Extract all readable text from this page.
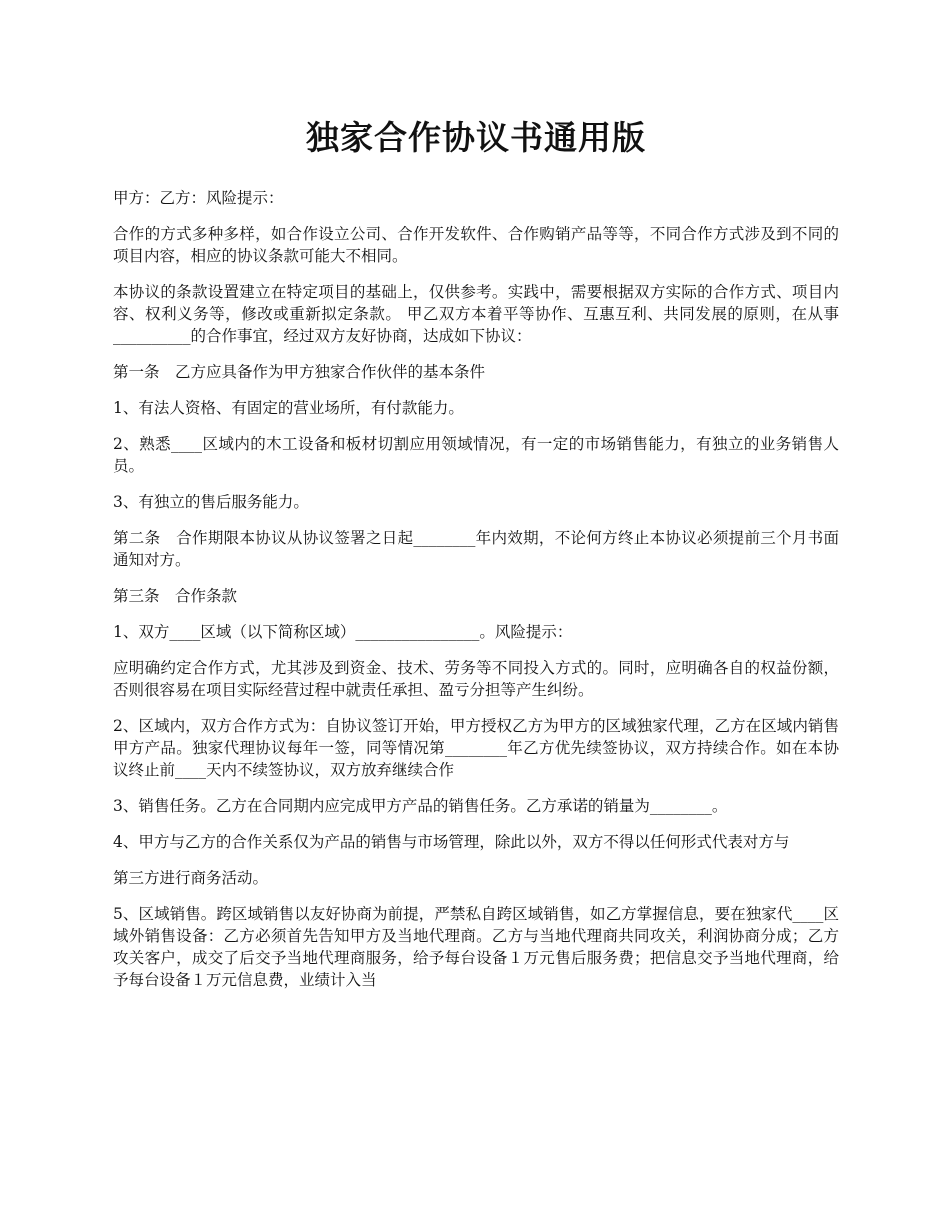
独家合作协议书通用版

甲方：乙方：风险提示：

合作的方式多种多样，如合作设立公司、合作开发软件、合作购销产品等等，不同合作方式涉及到不同的项目内容，相应的协议条款可能大不相同。

本协议的条款设置建立在特定项目的基础上，仅供参考。实践中，需要根据双方实际的合作方式、项目内容、权利义务等，修改或重新拟定条款。 甲乙双方本着平等协作、互惠互利、共同发展的原则，在从事__________的合作事宜，经过双方友好协商，达成如下协议：

第一条　乙方应具备作为甲方独家合作伙伴的基本条件

1、有法人资格、有固定的营业场所，有付款能力。

2、熟悉____区域内的木工设备和板材切割应用领域情况，有一定的市场销售能力，有独立的业务销售人员。

3、有独立的售后服务能力。

第二条　合作期限本协议从协议签署之日起________年内效期，不论何方终止本协议必须提前三个月书面通知对方。

第三条　合作条款

1、双方____区域（以下简称区域）________________。风险提示：

应明确约定合作方式，尤其涉及到资金、技术、劳务等不同投入方式的。同时，应明确各自的权益份额，否则很容易在项目实际经营过程中就责任承担、盈亏分担等产生纠纷。

2、区域内，双方合作方式为：自协议签订开始，甲方授权乙方为甲方的区域独家代理，乙方在区域内销售甲方产品。独家代理协议每年一签，同等情况第________年乙方优先续签协议，双方持续合作。如在本协议终止前____天内不续签协议，双方放弃继续合作

3、销售任务。乙方在合同期内应完成甲方产品的销售任务。乙方承诺的销量为________。

4、甲方与乙方的合作关系仅为产品的销售与市场管理，除此以外，双方不得以任何形式代表对方与

第三方进行商务活动。

5、区域销售。跨区域销售以友好协商为前提，严禁私自跨区域销售，如乙方掌握信息，要在独家代____区域外销售设备：乙方必须首先告知甲方及当地代理商。乙方与当地代理商共同攻关，利润协商分成；乙方攻关客户，成交了后交予当地代理商服务，给予每台设备１万元售后服务费；把信息交予当地代理商，给予每台设备１万元信息费，业绩计入当
